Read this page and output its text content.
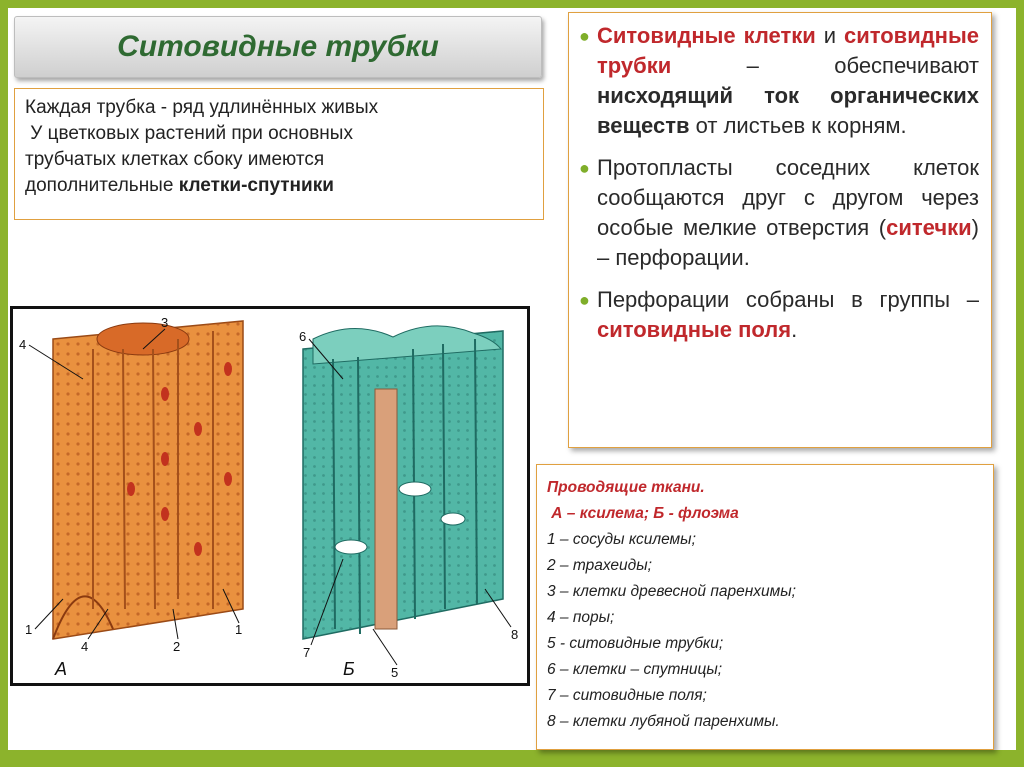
Ситовидные трубки

Каждая трубка - ряд удлинённых живых

У цветковых растений при основных

трубчатых клетках сбоку имеются

дополнительные клетки-спутники

● Ситовидные клетки и ситовидные трубки – обеспечивают нисходящий ток органических веществ от листьев к корням.
● Протопласты соседних клеток сообщаются друг с другом через особые мелкие отверстия (ситечки) – перфорации.
● Перфорации собраны в группы – ситовидные поля.
Проводящие ткани.
А – ксилема; Б - флоэма
1 – сосуды ксилемы;
2 – трахеиды;
3 – клетки древесной паренхимы;
4 – поры;
5 - ситовидные трубки;
6 – клетки – спутницы;
7 – ситовидные поля;
8 – клетки лубяной паренхимы.
4
3
1
4	2
1
6
7
5
8
А	Б
